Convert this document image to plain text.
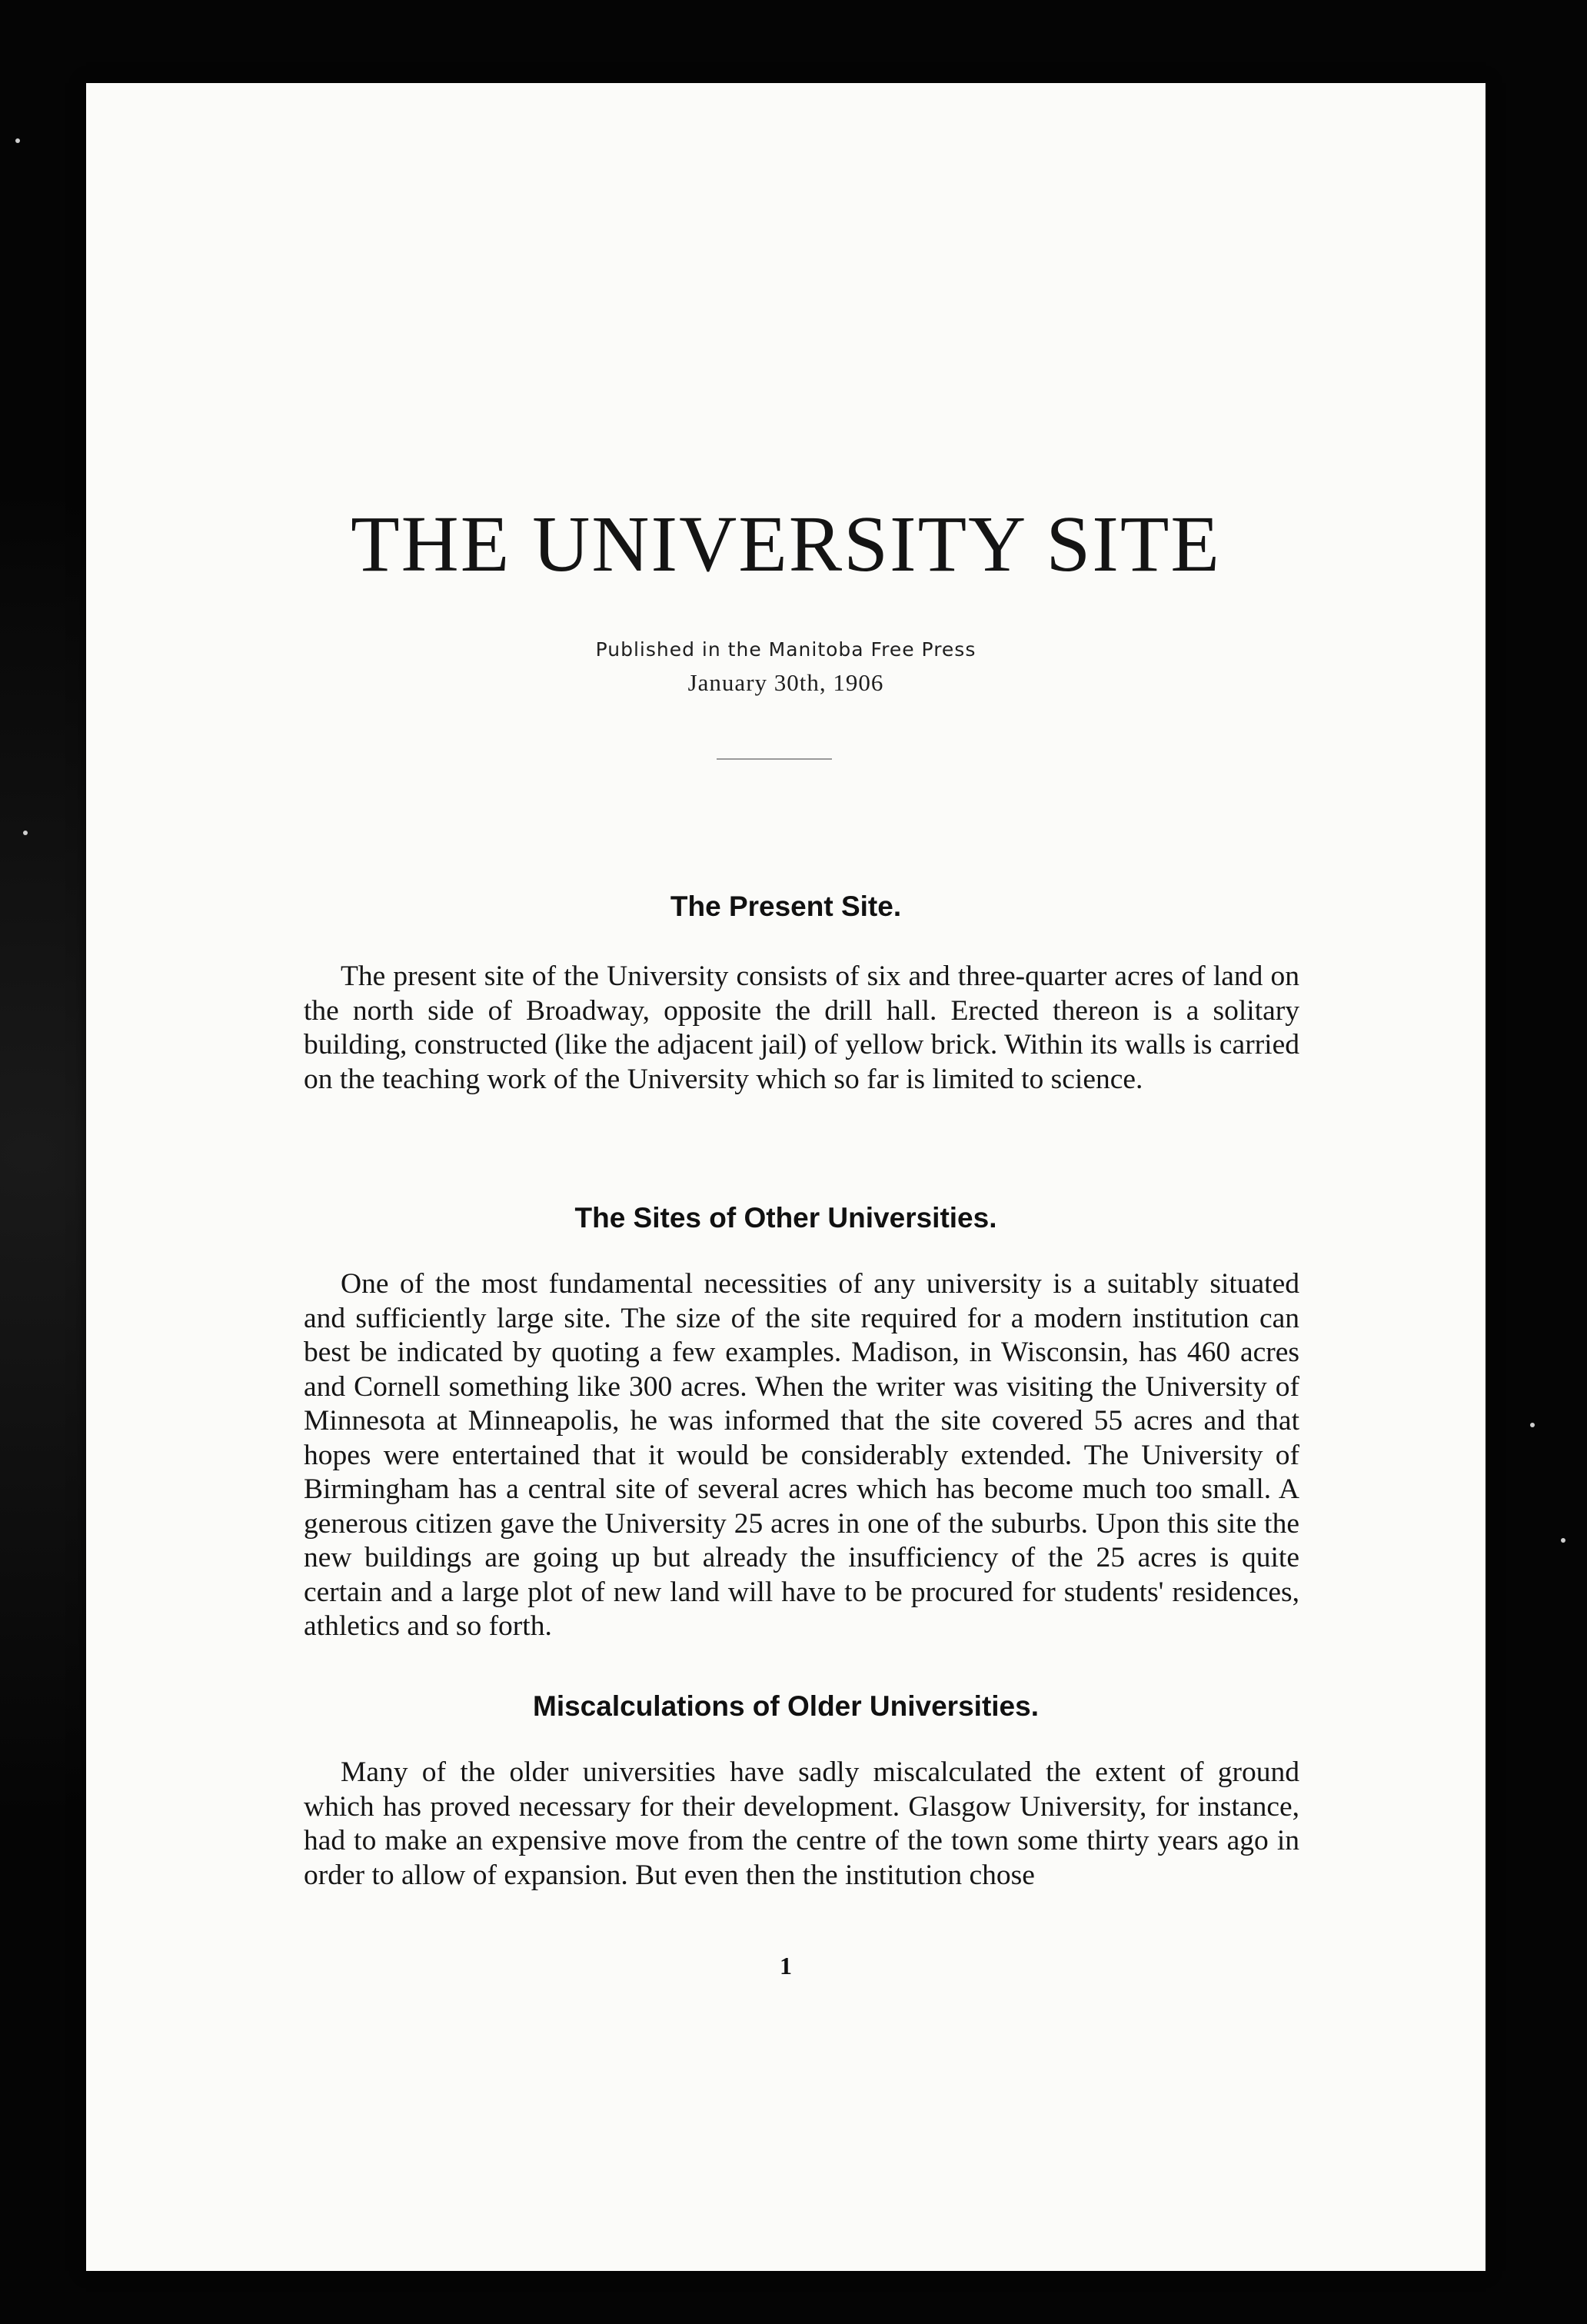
THE UNIVERSITY SITE
Published in the Manitoba Free Press
January 30th, 1906
The Present Site.

The present site of the University consists of six and three-quarter acres of land on the north side of Broadway, opposite the drill hall. Erected thereon is a solitary building, constructed (like the adjacent jail) of yellow brick. Within its walls is carried on the teaching work of the University which so far is limited to science.

The Sites of Other Universities.

One of the most fundamental necessities of any university is a suitably situated and sufficiently large site. The size of the site required for a modern institution can best be indicated by quoting a few examples. Madison, in Wisconsin, has 460 acres and Cornell something like 300 acres. When the writer was visiting the University of Minnesota at Minneapolis, he was informed that the site covered 55 acres and that hopes were entertained that it would be considerably extended. The University of Birmingham has a central site of several acres which has become much too small. A generous citizen gave the University 25 acres in one of the suburbs. Upon this site the new buildings are going up but already the insufficiency of the 25 acres is quite certain and a large plot of new land will have to be procured for students' residences, athletics and so forth.

Miscalculations of Older Universities.

Many of the older universities have sadly miscalculated the extent of ground which has proved necessary for their development. Glasgow University, for instance, had to make an expensive move from the centre of the town some thirty years ago in order to allow of expansion. But even then the institution chose

1
